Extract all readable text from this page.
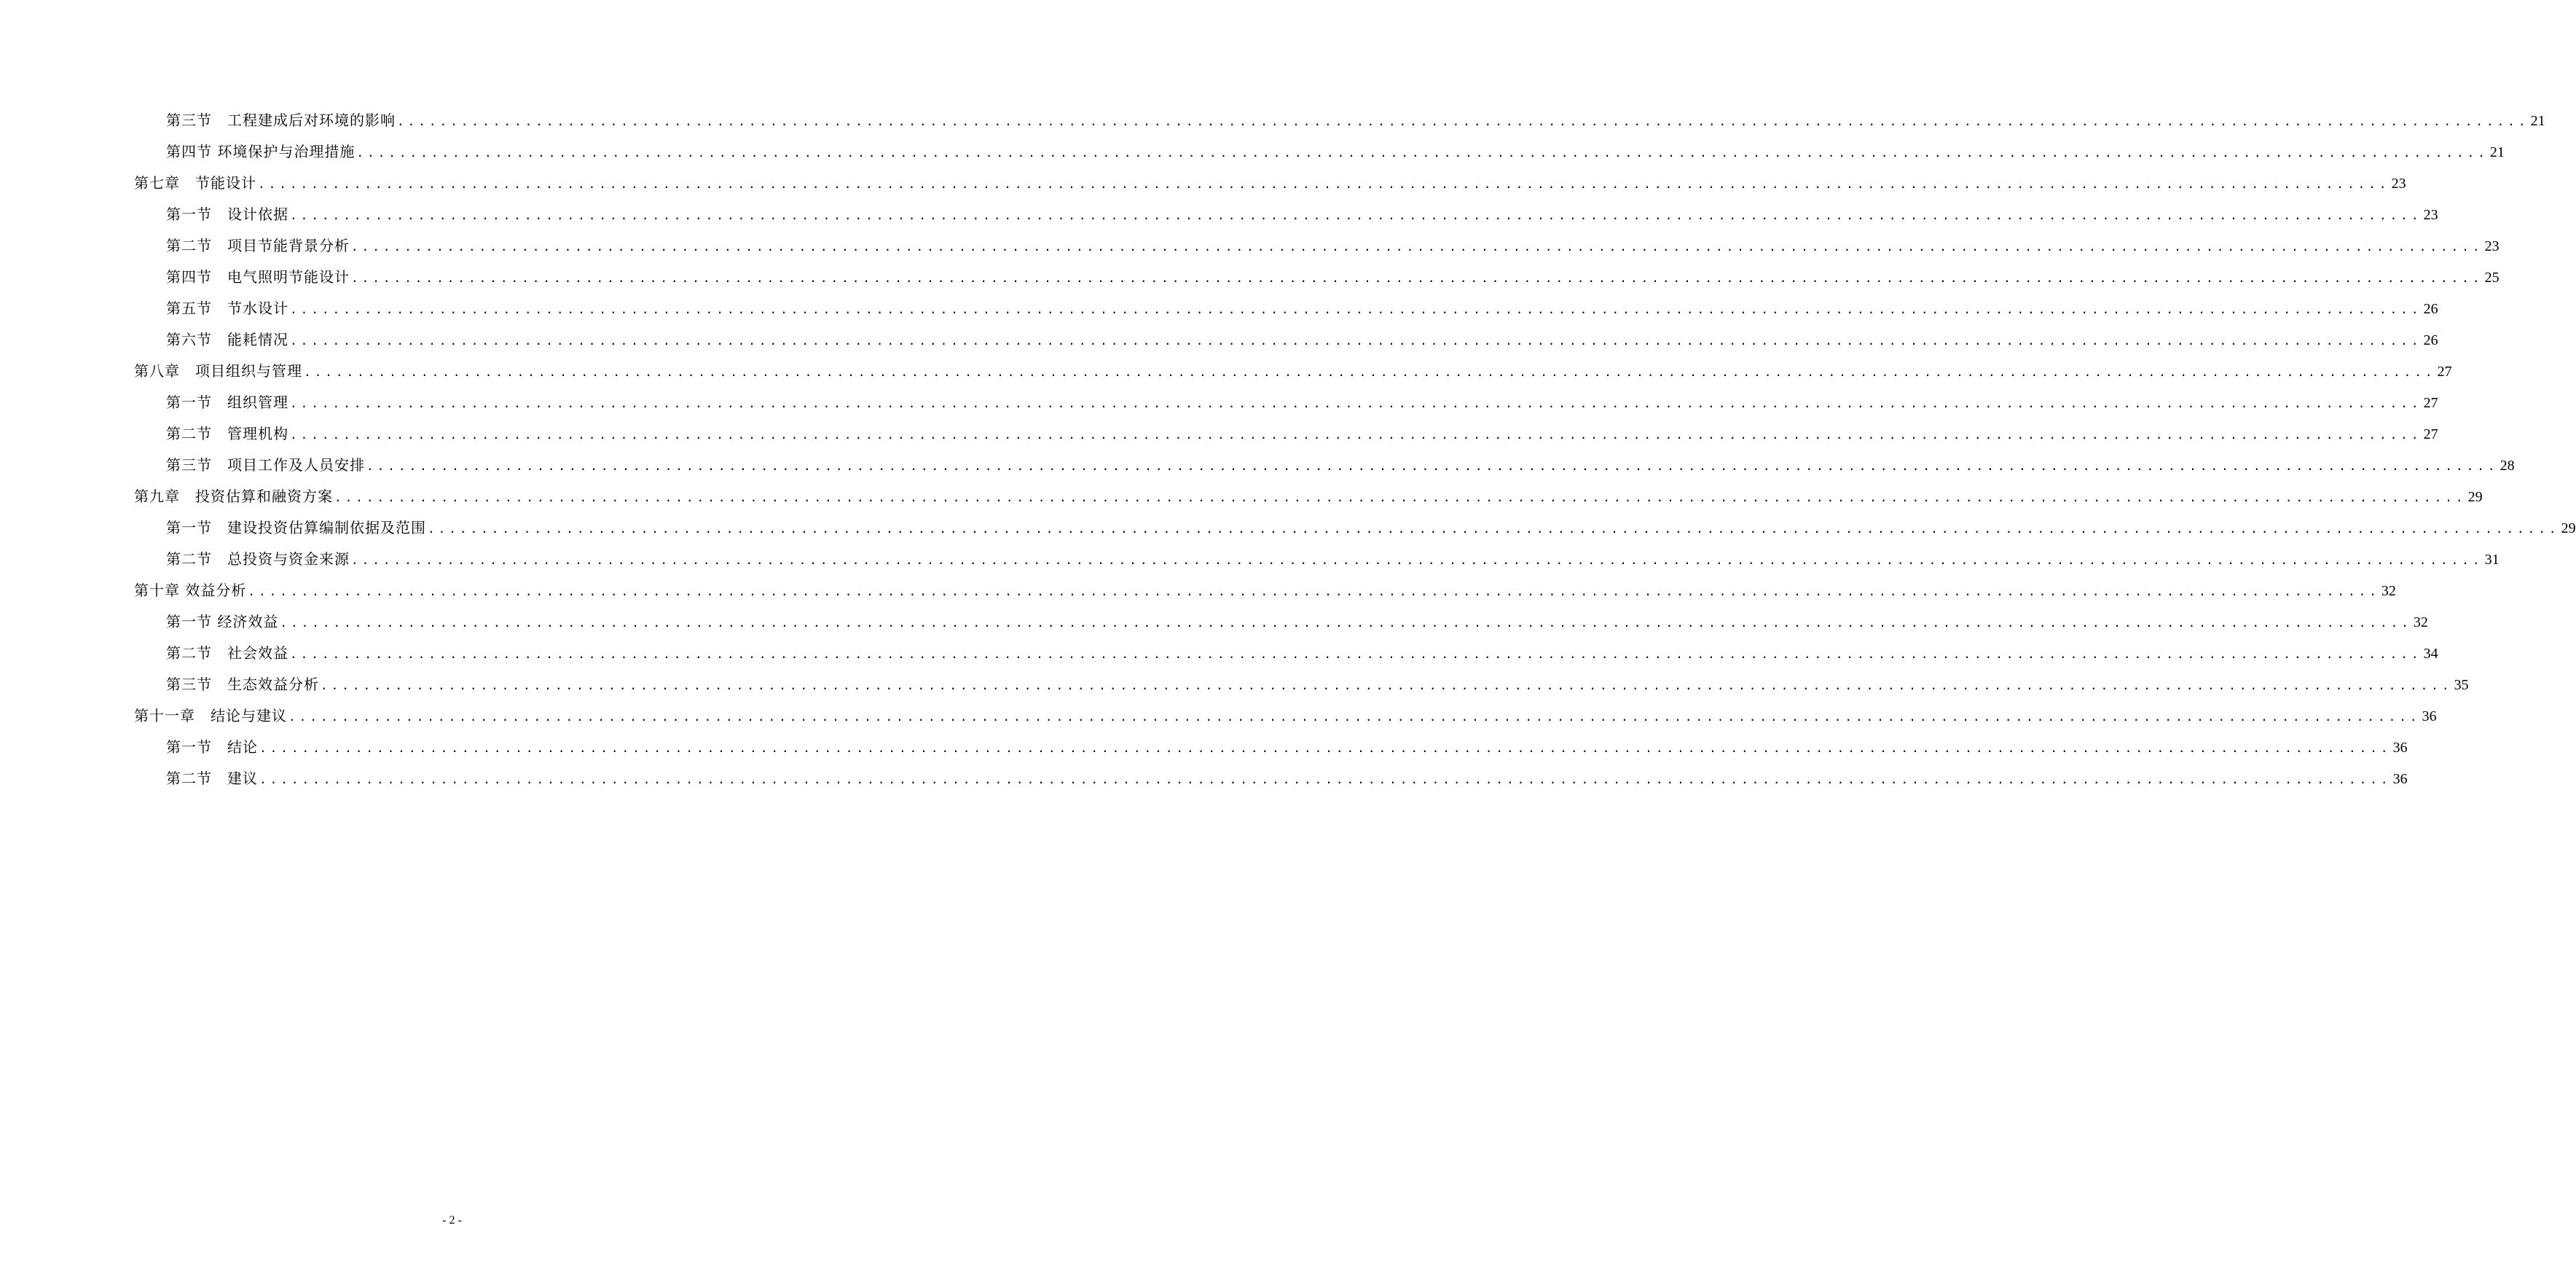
第三节　工程建成后对环境的影响 ........................................................................................................................................................................................................ 21
第四节 环境保护与治理措施 ........................................................................................................................................................................................................ 21
第七章　节能设计 ........................................................................................................................................................................................................ 23
第一节　设计依据 ........................................................................................................................................................................................................ 23
第二节　项目节能背景分析 ........................................................................................................................................................................................................ 23
第四节　电气照明节能设计 ........................................................................................................................................................................................................ 25
第五节　节水设计 ........................................................................................................................................................................................................ 26
第六节　能耗情况 ........................................................................................................................................................................................................ 26
第八章　项目组织与管理 ........................................................................................................................................................................................................ 27
第一节　组织管理 ........................................................................................................................................................................................................ 27
第二节　管理机构 ........................................................................................................................................................................................................ 27
第三节　项目工作及人员安排 ........................................................................................................................................................................................................ 28
第九章　投资估算和融资方案 ........................................................................................................................................................................................................ 29
第一节　建设投资估算编制依据及范围 ........................................................................................................................................................................................................ 29
第二节　总投资与资金来源 ........................................................................................................................................................................................................ 31
第十章 效益分析 ........................................................................................................................................................................................................ 32
第一节 经济效益 ........................................................................................................................................................................................................ 32
第二节　社会效益 ........................................................................................................................................................................................................ 34
第三节　生态效益分析 ........................................................................................................................................................................................................ 35
第十一章　结论与建议 ........................................................................................................................................................................................................ 36
第一节　结论 ........................................................................................................................................................................................................ 36
第二节　建议 ........................................................................................................................................................................................................ 36
- 2 -
